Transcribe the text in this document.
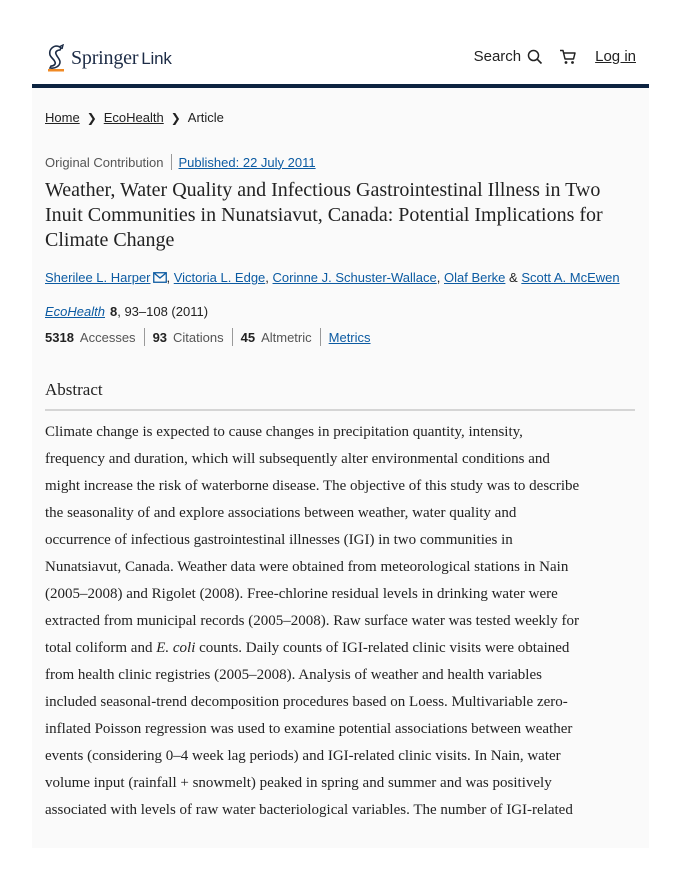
Springer Link	Search	Log in
Home ❯ EcoHealth ❯ Article
Original Contribution Published: 22 July 2011
Weather, Water Quality and Infectious Gastrointestinal Illness in Two Inuit Communities in Nunatsiavut, Canada: Potential Implications for Climate Change
Sherilee L. Harper , Victoria L. Edge, Corinne J. Schuster-Wallace, Olaf Berke & Scott A. McEwen
EcoHealth 8, 93–108 (2011)
5318 Accesses 93 Citations 45 Altmetric Metrics
Abstract
Climate change is expected to cause changes in precipitation quantity, intensity,
frequency and duration, which will subsequently alter environmental conditions and
might increase the risk of waterborne disease. The objective of this study was to describe
the seasonality of and explore associations between weather, water quality and
occurrence of infectious gastrointestinal illnesses (IGI) in two communities in
Nunatsiavut, Canada. Weather data were obtained from meteorological stations in Nain
(2005–2008) and Rigolet (2008). Free-chlorine residual levels in drinking water were
extracted from municipal records (2005–2008). Raw surface water was tested weekly for
total coliform and E. coli counts. Daily counts of IGI-related clinic visits were obtained
from health clinic registries (2005–2008). Analysis of weather and health variables
included seasonal-trend decomposition procedures based on Loess. Multivariable zero-
inflated Poisson regression was used to examine potential associations between weather
events (considering 0–4 week lag periods) and IGI-related clinic visits. In Nain, water
volume input (rainfall + snowmelt) peaked in spring and summer and was positively
associated with levels of raw water bacteriological variables. The number of IGI-related
